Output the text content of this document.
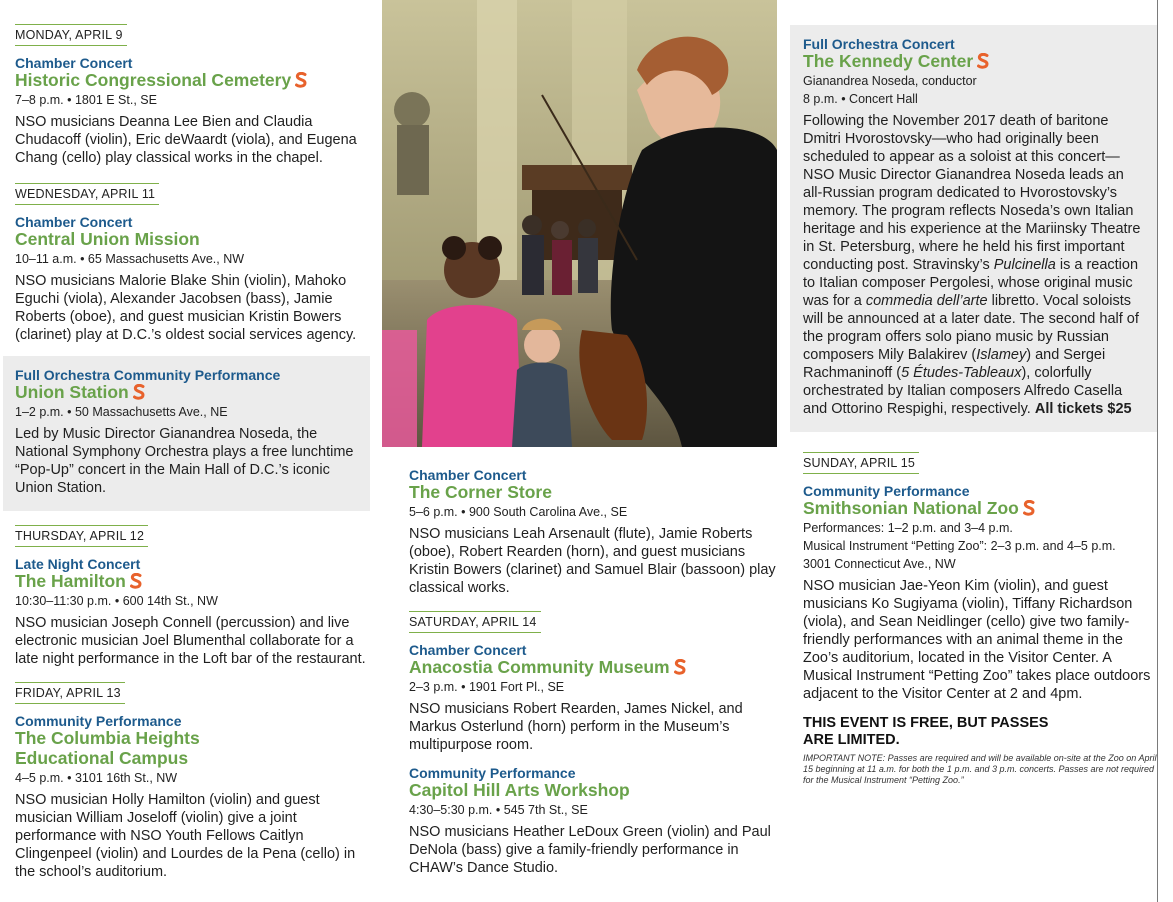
MONDAY, APRIL 9
Chamber Concert
Historic Congressional Cemetery
7–8 p.m. • 1801 E St., SE
NSO musicians Deanna Lee Bien and Claudia Chudacoff (violin), Eric deWaardt (viola), and Eugena Chang (cello) play classical works in the chapel.
WEDNESDAY, APRIL 11
Chamber Concert
Central Union Mission
10–11 a.m. • 65 Massachusetts Ave., NW
NSO musicians Malorie Blake Shin (violin), Mahoko Eguchi (viola), Alexander Jacobsen (bass), Jamie Roberts (oboe), and guest musician Kristin Bowers (clarinet) play at D.C.’s oldest social services agency.
Full Orchestra Community Performance
Union Station
1–2 p.m. • 50 Massachusetts Ave., NE
Led by Music Director Gianandrea Noseda, the National Symphony Orchestra plays a free lunchtime “Pop-Up” concert in the Main Hall of D.C.’s iconic Union Station.
THURSDAY, APRIL 12
Late Night Concert
The Hamilton
10:30–11:30 p.m. • 600 14th St., NW
NSO musician Joseph Connell (percussion) and live electronic musician Joel Blumenthal collaborate for a late night performance in the Loft bar of the restaurant.
FRIDAY, APRIL 13
Community Performance
The Columbia Heights
Educational Campus
4–5 p.m. • 3101 16th St., NW
NSO musician Holly Hamilton (violin) and guest musician William Joseloff (violin) give a joint performance with NSO Youth Fellows Caitlyn Clingenpeel (violin) and Lourdes de la Pena (cello) in the school’s auditorium.
Chamber Concert
The Corner Store
5–6 p.m. • 900 South Carolina Ave., SE
NSO musicians Leah Arsenault (flute), Jamie Roberts (oboe), Robert Rearden (horn), and guest musicians Kristin Bowers (clarinet) and Samuel Blair (bassoon) play classical works.
SATURDAY, APRIL 14
Chamber Concert
Anacostia Community Museum
2–3 p.m. • 1901 Fort Pl., SE
NSO musicians Robert Rearden, James Nickel, and Markus Osterlund (horn) perform in the Museum’s multipurpose room.
Community Performance
Capitol Hill Arts Workshop
4:30–5:30 p.m. • 545 7th St., SE
NSO musicians Heather LeDoux Green (violin) and Paul DeNola (bass) give a family-friendly performance in CHAW’s Dance Studio.
Full Orchestra Concert
The Kennedy Center
Gianandrea Noseda, conductor
8 p.m. • Concert Hall
Following the November 2017 death of baritone Dmitri Hvorostovsky—who had originally been scheduled to appear as a soloist at this concert—NSO Music Director Gianandrea Noseda leads an all-Russian program dedicated to Hvorostovsky’s memory. The program reflects Noseda’s own Italian heritage and his experience at the Mariinsky Theatre in St. Petersburg, where he held his first important conducting post. Stravinsky’s Pulcinella is a reaction to Italian composer Pergolesi, whose original music was for a commedia dell’arte libretto. Vocal soloists will be announced at a later date. The second half of the program offers solo piano music by Russian composers Mily Balakirev (Islamey) and Sergei Rachmaninoff (5 Études-Tableaux), colorfully orchestrated by Italian composers Alfredo Casella and Ottorino Respighi, respectively. All tickets $25
SUNDAY, APRIL 15
Community Performance
Smithsonian National Zoo
Performances: 1–2 p.m. and 3–4 p.m.
Musical Instrument “Petting Zoo”: 2–3 p.m. and 4–5 p.m.
3001 Connecticut Ave., NW
NSO musician Jae-Yeon Kim (violin), and guest musicians Ko Sugiyama (violin), Tiffany Richardson (viola), and Sean Neidlinger (cello) give two family-friendly performances with an animal theme in the Zoo’s auditorium, located in the Visitor Center. A Musical Instrument “Petting Zoo” takes place outdoors adjacent to the Visitor Center at 2 and 4pm.
THIS EVENT IS FREE, BUT PASSES
ARE LIMITED.
IMPORTANT NOTE: Passes are required and will be available on-site at the Zoo on April 15 beginning at 11 a.m. for both the 1 p.m. and 3 p.m. concerts. Passes are not required for the Musical Instrument “Petting Zoo.”
